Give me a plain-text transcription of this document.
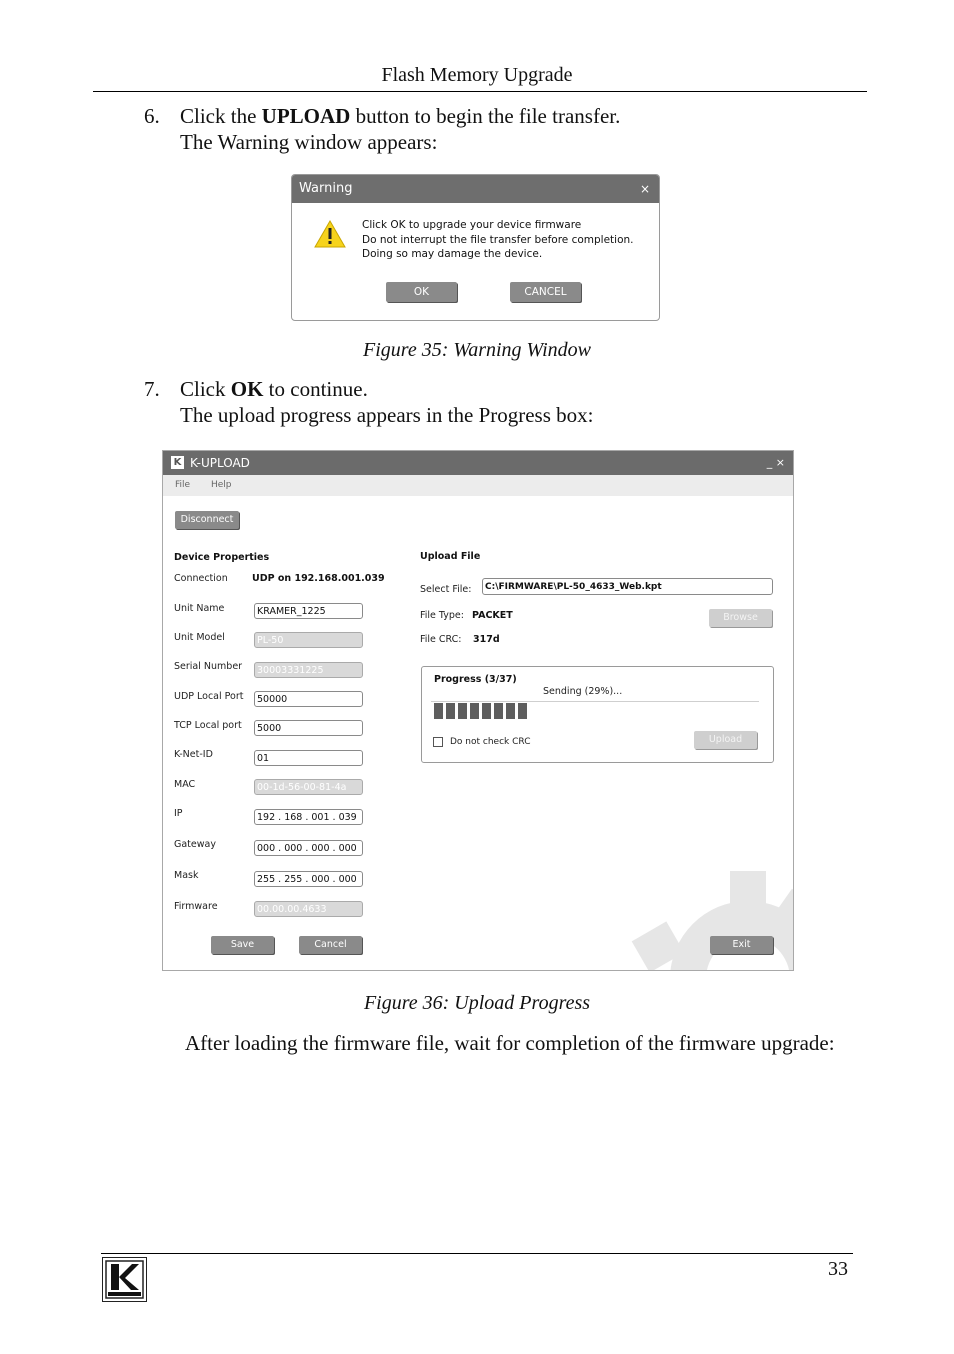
Flash Memory Upgrade
6. Click the UPLOAD button to begin the file transfer.
The Warning window appears:
Warning	×
Click OK to upgrade your device firmware
Do not interrupt the file transfer before completion.
Doing so may damage the device.
OK	CANCEL
Figure 35: Warning Window
7. Click OK to continue.
The upload progress appears in the Progress box:
K K-UPLOAD	_ ×
File Help
Disconnect
Device Properties
Connection	UDP on 192.168.001.039
Unit Name	KRAMER_1225
Unit Model	PL-50
Serial Number	30003331225
UDP Local Port	50000
TCP Local port	5000
K-Net-ID	01
MAC	00-1d-56-00-81-4a
IP	192 . 168 . 001 . 039
Gateway	000 . 000 . 000 . 000
Mask	255 . 255 . 000 . 000
Firmware	00.00.00.4633
Save	Cancel
Upload File
Select File:	C:\FIRMWARE\PL-50_4633_Web.kpt
File Type: PACKET	Browse
File CRC: 317d
Progress (3/37)
Sending (29%)...
Do not check CRC	Upload
Exit
Figure 36: Upload Progress
After loading the firmware file, wait for completion of the firmware upgrade:
33
